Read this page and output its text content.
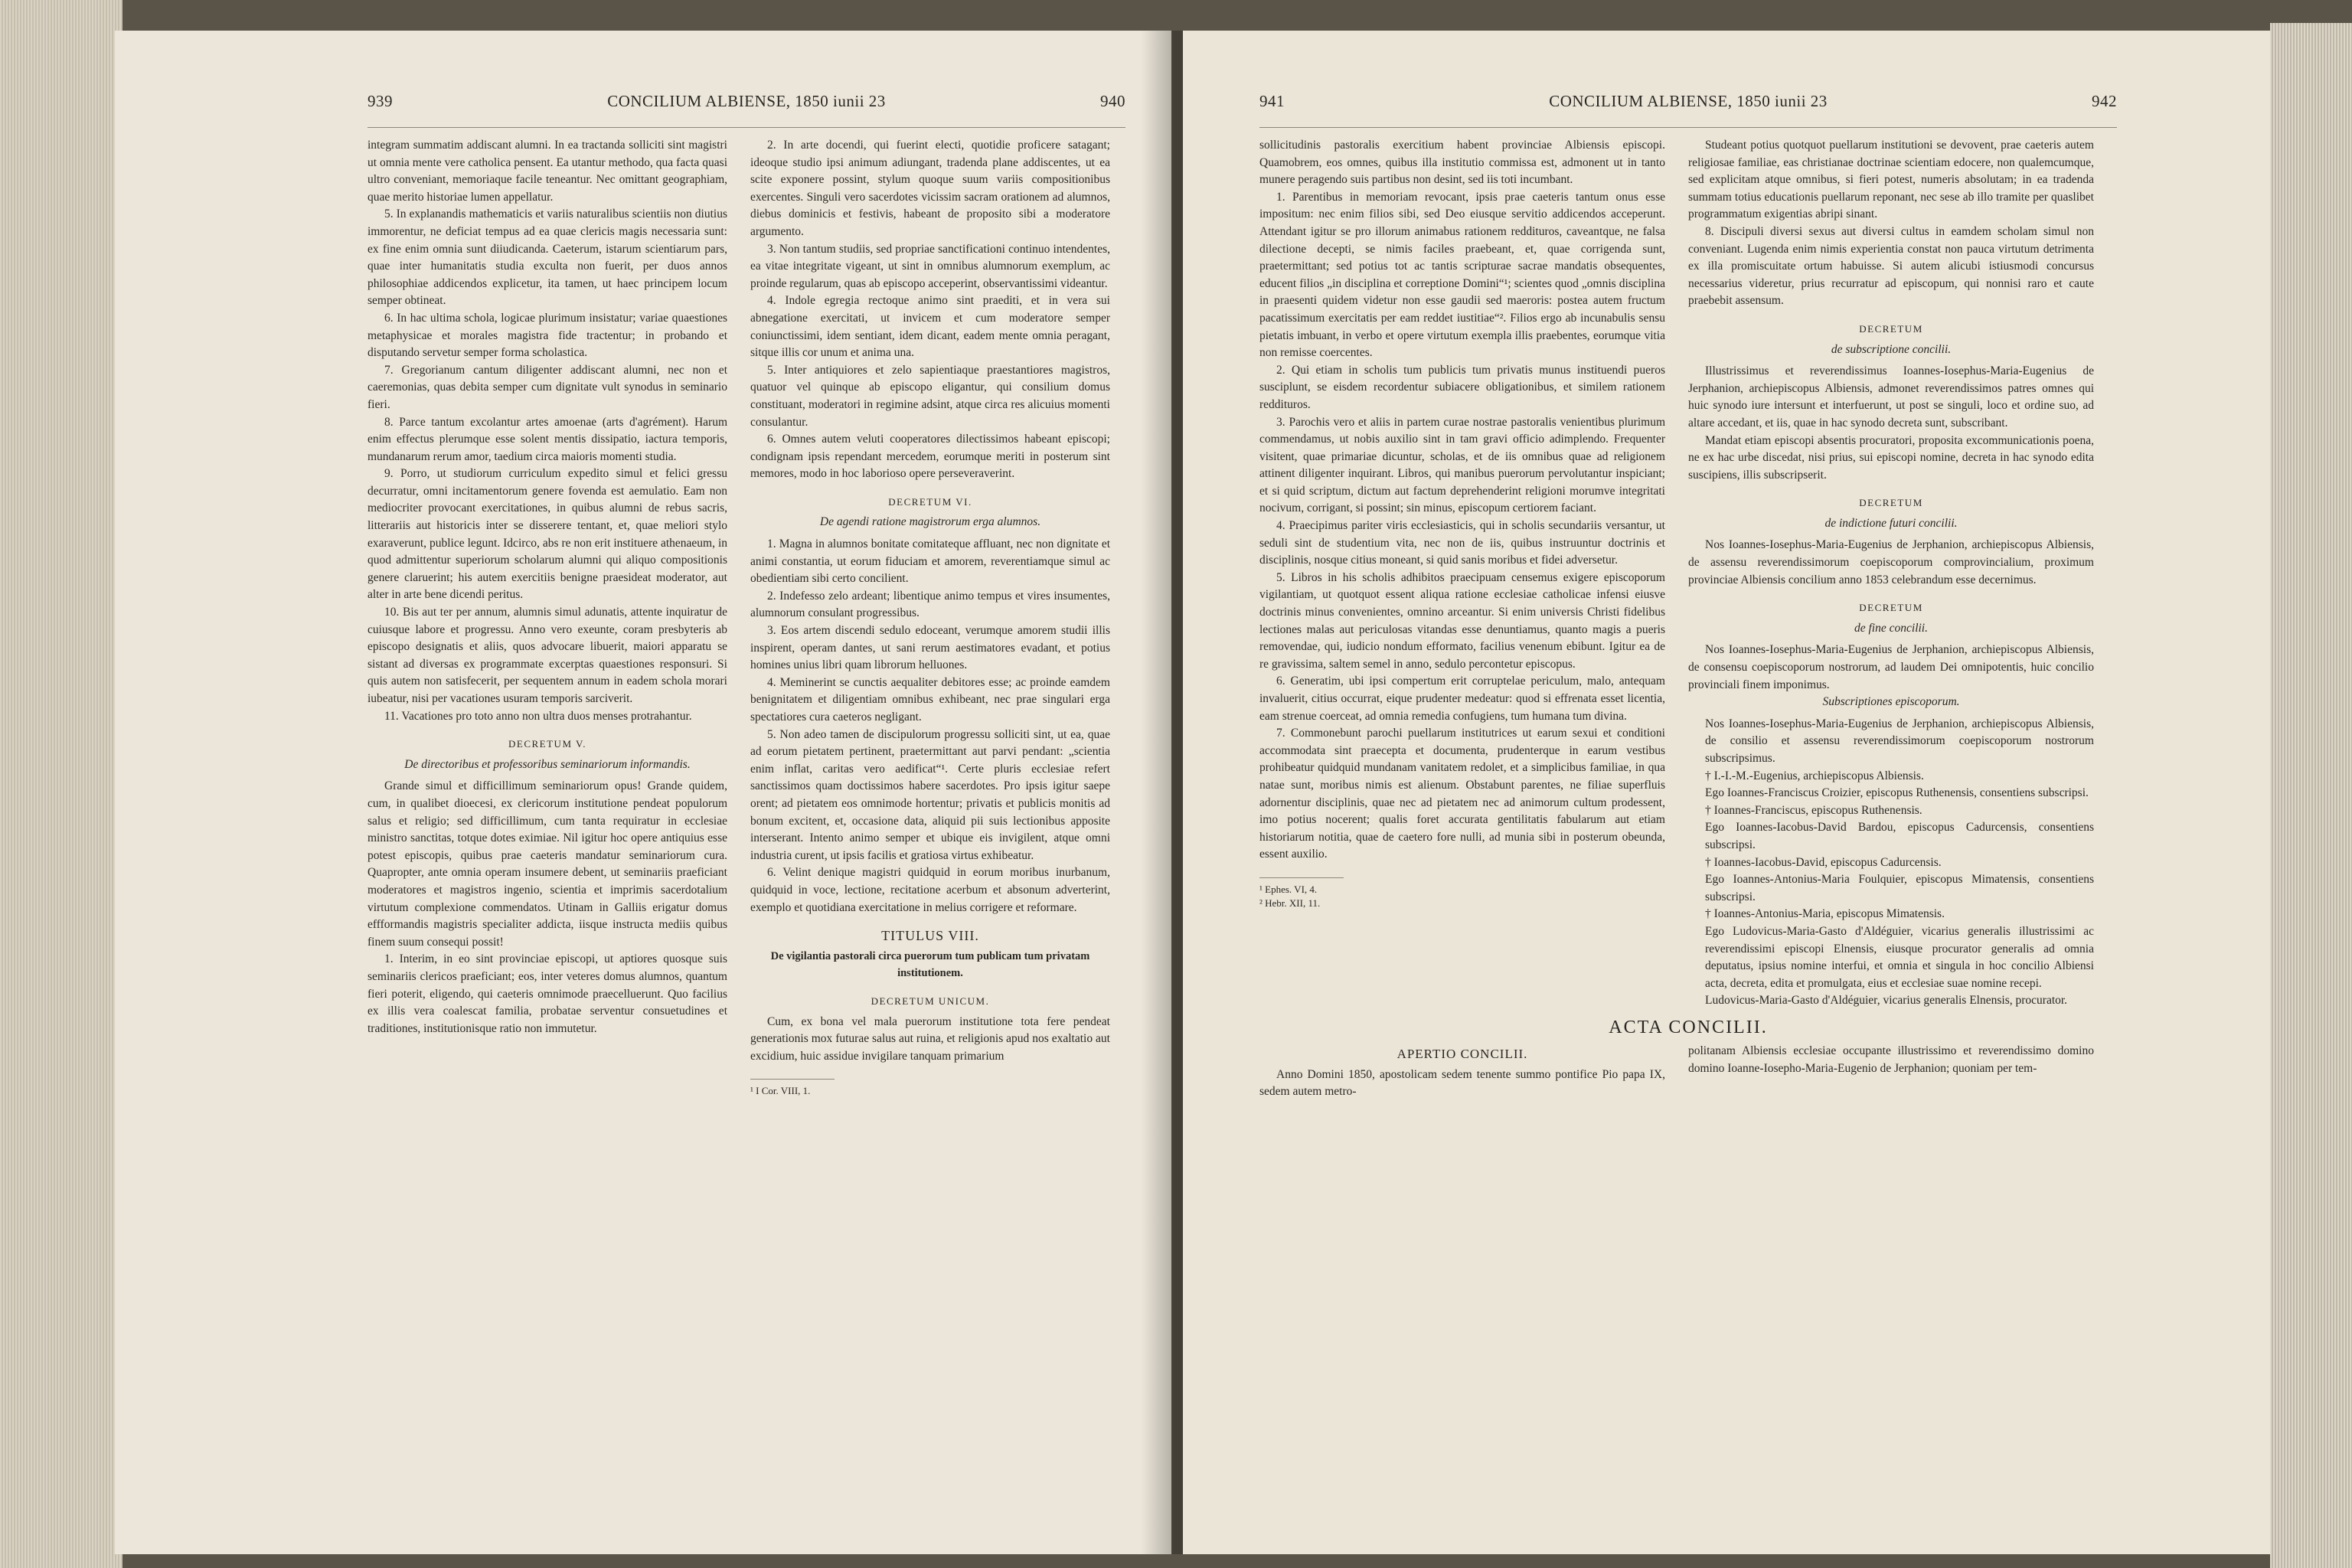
939	CONCILIUM ALBIENSE, 1850 iunii 23	940

integram summatim addiscant alumni. In ea tractanda solliciti sint magistri ut omnia mente vere catholica pensent. Ea utantur methodo, qua facta quasi ultro conveniant, memoriaque facile teneantur. Nec omittant geographiam, quae merito historiae lumen appellatur.

5. In explanandis mathematicis et variis naturalibus scientiis non diutius immorentur, ne deficiat tempus ad ea quae clericis magis necessaria sunt: ex fine enim omnia sunt diiudicanda. Caeterum, istarum scientiarum pars, quae inter humanitatis studia exculta non fuerit, per duos annos philosophiae addicendos explicetur, ita tamen, ut haec principem locum semper obtineat.

6. In hac ultima schola, logicae plurimum insistatur; variae quaestiones metaphysicae et morales magistra fide tractentur; in probando et disputando servetur semper forma scholastica.

7. Gregorianum cantum diligenter addiscant alumni, nec non et caeremonias, quas debita semper cum dignitate vult synodus in seminario fieri.

8. Parce tantum excolantur artes amoenae (arts d'agrément). Harum enim effectus plerumque esse solent mentis dissipatio, iactura temporis, mundanarum rerum amor, taedium circa maioris momenti studia.

9. Porro, ut studiorum curriculum expedito simul et felici gressu decurratur, omni incitamentorum genere fovenda est aemulatio. Eam non mediocriter provocant exercitationes, in quibus alumni de rebus sacris, litterariis aut historicis inter se disserere tentant, et, quae meliori stylo exaraverunt, publice legunt. Idcirco, abs re non erit instituere athenaeum, in quod admittentur superiorum scholarum alumni qui aliquo compositionis genere claruerint; his autem exercitiis benigne praesideat moderator, aut alter in arte bene dicendi peritus.

10. Bis aut ter per annum, alumnis simul adunatis, attente inquiratur de cuiusque labore et progressu. Anno vero exeunte, coram presbyteris ab episcopo designatis et aliis, quos advocare libuerit, maiori apparatu se sistant ad diversas ex programmate excerptas quaestiones responsuri. Si quis autem non satisfecerit, per sequentem annum in eadem schola morari iubeatur, nisi per vacationes usuram temporis sarciverit.

11. Vacationes pro toto anno non ultra duos menses protrahantur.

DECRETUM V.
De directoribus et professoribus seminariorum informandis.

Grande simul et difficillimum seminariorum opus! Grande quidem, cum, in qualibet dioecesi, ex clericorum institutione pendeat populorum salus et religio; sed difficillimum, cum tanta requiratur in ecclesiae ministro sanctitas, totque dotes eximiae. Nil igitur hoc opere antiquius esse potest episcopis, quibus prae caeteris mandatur seminariorum cura. Quapropter, ante omnia operam insumere debent, ut seminariis praeficiant moderatores et magistros ingenio, scientia et imprimis sacerdotalium virtutum complexione commendatos. Utinam in Galliis erigatur domus effformandis magistris specialiter addicta, iisque instructa mediis quibus finem suum consequi possit!

1. Interim, in eo sint provinciae episcopi, ut aptiores quosque suis seminariis clericos praeficiant; eos, inter veteres domus alumnos, quantum fieri poterit, eligendo, qui caeteris omnimode praecelluerunt. Quo facilius ex illis vera coalescat familia, probatae serventur consuetudines et traditiones, institutionisque ratio non immutetur.

2. In arte docendi, qui fuerint electi, quotidie proficere satagant; ideoque studio ipsi animum adiungant, tradenda plane addiscentes, ut ea scite exponere possint, stylum quoque suum variis compositionibus exercentes. Singuli vero sacerdotes vicissim sacram orationem ad alumnos, diebus dominicis et festivis, habeant de proposito sibi a moderatore argumento.

3. Non tantum studiis, sed propriae sanctificationi continuo intendentes, ea vitae integritate vigeant, ut sint in omnibus alumnorum exemplum, ac proinde regularum, quas ab episcopo acceperint, observantissimi videantur.

4. Indole egregia rectoque animo sint praediti, et in vera sui abnegatione exercitati, ut invicem et cum moderatore semper coniunctissimi, idem sentiant, idem dicant, eadem mente omnia peragant, sitque illis cor unum et anima una.

5. Inter antiquiores et zelo sapientiaque praestantiores magistros, quatuor vel quinque ab episcopo eligantur, qui consilium domus constituant, moderatori in regimine adsint, atque circa res alicuius momenti consulantur.

6. Omnes autem veluti cooperatores dilectissimos habeant episcopi; condignam ipsis rependant mercedem, eorumque meriti in posterum sint memores, modo in hoc laborioso opere perseveraverint.

DECRETUM VI.
De agendi ratione magistrorum erga alumnos.

1. Magna in alumnos bonitate comitateque affluant, nec non dignitate et animi constantia, ut eorum fiduciam et amorem, reverentiamque simul ac obedientiam sibi certo concilient.

2. Indefesso zelo ardeant; libentique animo tempus et vires insumentes, alumnorum consulant progressibus.

3. Eos artem discendi sedulo edoceant, verumque amorem studii illis inspirent, operam dantes, ut sani rerum aestimatores evadant, et potius homines unius libri quam librorum helluones.

4. Meminerint se cunctis aequaliter debitores esse; ac proinde eamdem benignitatem et diligentiam omnibus exhibeant, nec prae singulari erga spectatiores cura caeteros negligant.

5. Non adeo tamen de discipulorum progressu solliciti sint, ut ea, quae ad eorum pietatem pertinent, praetermittant aut parvi pendant: „scientia enim inflat, caritas vero aedificat“¹. Certe pluris ecclesiae refert sanctissimos quam doctissimos habere sacerdotes. Pro ipsis igitur saepe orent; ad pietatem eos omnimode hortentur; privatis et publicis monitis ad bonum excitent, et, occasione data, aliquid pii suis lectionibus apposite interserant. Intento animo semper et ubique eis invigilent, atque omni industria curent, ut ipsis facilis et gratiosa virtus exhibeatur.

6. Velint denique magistri quidquid in eorum moribus inurbanum, quidquid in voce, lectione, recitatione acerbum et absonum adverterint, exemplo et quotidiana exercitatione in melius corrigere et reformare.

TITULUS VIII.
De vigilantia pastorali circa puerorum tum publicam tum privatam institutionem.
DECRETUM UNICUM.

Cum, ex bona vel mala puerorum institutione tota fere pendeat generationis mox futurae salus aut ruina, et religionis apud nos exaltatio aut excidium, huic assidue invigilare tanquam primarium

¹ I Cor. VIII, 1.
941	CONCILIUM ALBIENSE, 1850 iunii 23	942

sollicitudinis pastoralis exercitium habent provinciae Albiensis episcopi. Quamobrem, eos omnes, quibus illa institutio commissa est, admonent ut in tanto munere peragendo suis partibus non desint, sed iis toti incumbant.

1. Parentibus in memoriam revocant, ipsis prae caeteris tantum onus esse impositum: nec enim filios sibi, sed Deo eiusque servitio addicendos acceperunt. Attendant igitur se pro illorum animabus rationem reddituros, caveantque, ne falsa dilectione decepti, se nimis faciles praebeant, et, quae corrigenda sunt, praetermittant; sed potius tot ac tantis scripturae sacrae mandatis obsequentes, educent filios „in disciplina et correptione Domini“¹; scientes quod „omnis disciplina in praesenti quidem videtur non esse gaudii sed maeroris: postea autem fructum pacatissimum exercitatis per eam reddet iustitiae“². Filios ergo ab incunabulis sensu pietatis imbuant, in verbo et opere virtutum exempla illis praebentes, eorumque vitia non remisse coercentes.

2. Qui etiam in scholis tum publicis tum privatis munus instituendi pueros susciplunt, se eisdem recordentur subiacere obligationibus, et similem rationem reddituros.

3. Parochis vero et aliis in partem curae nostrae pastoralis venientibus plurimum commendamus, ut nobis auxilio sint in tam gravi officio adimplendo. Frequenter visitent, quae primariae dicuntur, scholas, et de iis omnibus quae ad religionem attinent diligenter inquirant. Libros, qui manibus puerorum pervolutantur inspiciant; et si quid scriptum, dictum aut factum deprehenderint religioni morumve integritati nocivum, corrigant, si possint; sin minus, episcopum certiorem faciant.

4. Praecipimus pariter viris ecclesiasticis, qui in scholis secundariis versantur, ut seduli sint de studentium vita, nec non de iis, quibus instruuntur doctrinis et disciplinis, nosque citius moneant, si quid sanis moribus et fidei adversetur.

5. Libros in his scholis adhibitos praecipuam censemus exigere episcoporum vigilantiam, ut quotquot essent aliqua ratione ecclesiae catholicae infensi eiusve doctrinis minus convenientes, omnino arceantur. Si enim universis Christi fidelibus lectiones malas aut periculosas vitandas esse denuntiamus, quanto magis a pueris removendae, qui, iudicio nondum efformato, facilius venenum ebibunt. Igitur ea de re gravissima, saltem semel in anno, sedulo percontetur episcopus.

6. Generatim, ubi ipsi compertum erit corruptelae periculum, malo, antequam invaluerit, citius occurrat, eique prudenter medeatur: quod si effrenata esset licentia, eam strenue coerceat, ad omnia remedia confugiens, tum humana tum divina.

7. Commonebunt parochi puellarum institutrices ut earum sexui et conditioni accommodata sint praecepta et documenta, prudenterque in earum vestibus prohibeatur quidquid mundanam vanitatem redolet, et a simplicibus familiae, in qua natae sunt, moribus nimis est alienum. Obstabunt parentes, ne filiae superfluis adornentur disciplinis, quae nec ad pietatem nec ad animorum cultum prodessent, imo potius nocerent; qualis foret accurata gentilitatis fabularum aut etiam historiarum notitia, quae de caetero fore nulli, ad munia sibi in posterum obeunda, essent auxilio.

¹ Ephes. VI, 4.
² Hebr. XII, 11.

Studeant potius quotquot puellarum institutioni se devovent, prae caeteris autem religiosae familiae, eas christianae doctrinae scientiam edocere, non qualemcumque, sed explicitam atque omnibus, si fieri potest, numeris absolutam; in ea tradenda summam totius educationis puellarum reponant, nec sese ab illo tramite per quaslibet programmatum exigentias abripi sinant.

8. Discipuli diversi sexus aut diversi cultus in eamdem scholam simul non conveniant. Lugenda enim nimis experientia constat non pauca virtutum detrimenta ex illa promiscuitate ortum habuisse. Si autem alicubi istiusmodi concursus necessarius videretur, prius recurratur ad episcopum, qui nonnisi raro et caute praebebit assensum.

DECRETUM
de subscriptione concilii.

Illustrissimus et reverendissimus Ioannes-Iosephus-Maria-Eugenius de Jerphanion, archiepiscopus Albiensis, admonet reverendissimos patres omnes qui huic synodo iure intersunt et interfuerunt, ut post se singuli, loco et ordine suo, ad altare accedant, et iis, quae in hac synodo decreta sunt, subscribant.

Mandat etiam episcopi absentis procuratori, proposita excommunicationis poena, ne ex hac urbe discedat, nisi prius, sui episcopi nomine, decreta in hac synodo edita suscipiens, illis subscripserit.

DECRETUM
de indictione futuri concilii.

Nos Ioannes-Iosephus-Maria-Eugenius de Jerphanion, archiepiscopus Albiensis, de assensu reverendissimorum coepiscoporum comprovincialium, proximum provinciae Albiensis concilium anno 1853 celebrandum esse decernimus.

DECRETUM
de fine concilii.

Nos Ioannes-Iosephus-Maria-Eugenius de Jerphanion, archiepiscopus Albiensis, de consensu coepiscoporum nostrorum, ad laudem Dei omnipotentis, huic concilio provinciali finem imponimus.

Subscriptiones episcoporum.

Nos Ioannes-Iosephus-Maria-Eugenius de Jerphanion, archiepiscopus Albiensis, de consilio et assensu reverendissimorum coepiscoporum nostrorum subscripsimus.

† I.-I.-M.-Eugenius, archiepiscopus Albiensis.

Ego Ioannes-Franciscus Croizier, episcopus Ruthenensis, consentiens subscripsi.

† Ioannes-Franciscus, episcopus Ruthenensis.

Ego Ioannes-Iacobus-David Bardou, episcopus Cadurcensis, consentiens subscripsi.

† Ioannes-Iacobus-David, episcopus Cadurcensis.

Ego Ioannes-Antonius-Maria Foulquier, episcopus Mimatensis, consentiens subscripsi.

† Ioannes-Antonius-Maria, episcopus Mimatensis.

Ego Ludovicus-Maria-Gasto d'Aldéguier, vicarius generalis illustrissimi ac reverendissimi episcopi Elnensis, eiusque procurator generalis ad omnia deputatus, ipsius nomine interfui, et omnia et singula in hoc concilio Albiensi acta, decreta, edita et promulgata, eius et ecclesiae suae nomine recepi.

Ludovicus-Maria-Gasto d'Aldéguier, vicarius generalis Elnensis, procurator.

ACTA CONCILII.
APERTIO CONCILII.

Anno Domini 1850, apostolicam sedem tenente summo pontifice Pio papa IX, sedem autem metro-

politanam Albiensis ecclesiae occupante illustrissimo et reverendissimo domino domino Ioanne-Iosepho-Maria-Eugenio de Jerphanion; quoniam per tem-
